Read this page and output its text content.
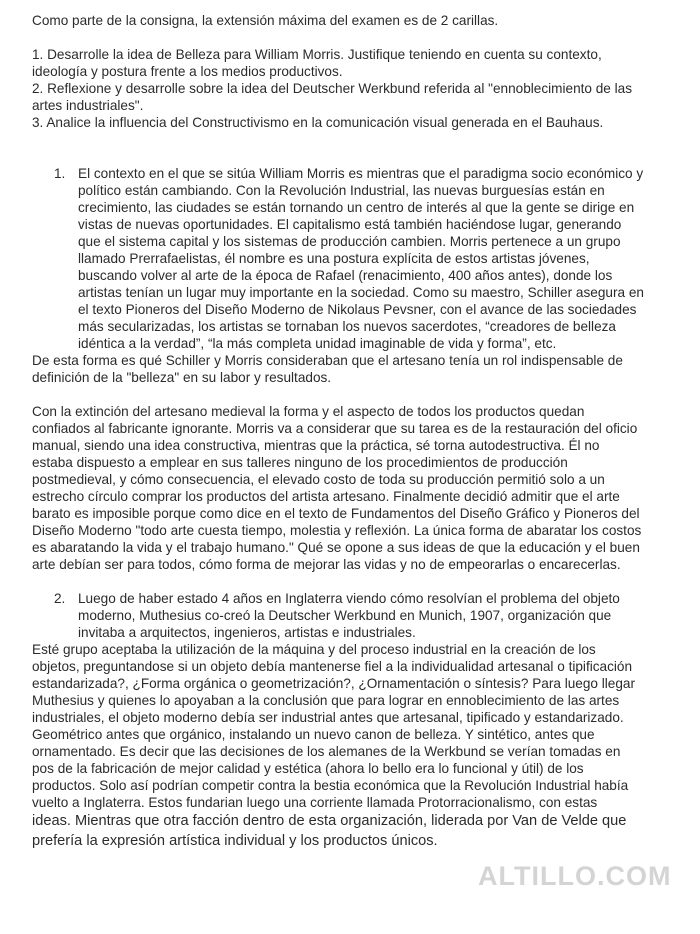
Como parte de la consigna, la extensión máxima del examen es de 2 carillas.

1. Desarrolle la idea de Belleza para William Morris. Justifique teniendo en cuenta su contexto, ideología y postura frente a los medios productivos.

2. Reflexione y desarrolle sobre la idea del Deutscher Werkbund referida al "ennoblecimiento de las artes industriales".

3. Analice la influencia del Constructivismo en la comunicación visual generada en el Bauhaus.

1. El contexto en el que se sitúa William Morris es mientras que el paradigma socio económico y político están cambiando. Con la Revolución Industrial, las nuevas burguesías están en crecimiento, las ciudades se están tornando un centro de interés al que la gente se dirige en vistas de nuevas oportunidades. El capitalismo está también haciéndose lugar, generando que el sistema capital y los sistemas de producción cambien. Morris pertenece a un grupo llamado Prerrafaelistas, él nombre es una postura explícita de estos artistas jóvenes, buscando volver al arte de la época de Rafael (renacimiento, 400 años antes), donde los artistas tenían un lugar muy importante en la sociedad. Como su maestro, Schiller asegura en el texto Pioneros del Diseño Moderno de Nikolaus Pevsner, con el avance de las sociedades más secularizadas, los artistas se tornaban los nuevos sacerdotes, “creadores de belleza idéntica a la verdad”, “la más completa unidad imaginable de vida y forma”, etc.

De esta forma es qué Schiller y Morris consideraban que el artesano tenía un rol indispensable de definición de la "belleza" en su labor y resultados.

Con la extinción del artesano medieval la forma y el aspecto de todos los productos quedan confiados al fabricante ignorante. Morris va a considerar que su tarea es de la restauración del oficio manual, siendo una idea constructiva, mientras que la práctica, sé torna autodestructiva. Él no estaba dispuesto a emplear en sus talleres ninguno de los procedimientos de producción postmedieval, y cómo consecuencia, el elevado costo de toda su producción permitió solo a un estrecho círculo comprar los productos del artista artesano. Finalmente decidió admitir que el arte barato es imposible porque como dice en el texto de Fundamentos del Diseño Gráfico y Pioneros del Diseño Moderno "todo arte cuesta tiempo, molestia y reflexión. La única forma de abaratar los costos es abaratando la vida y el trabajo humano." Qué se opone a sus ideas de que la educación y el buen arte debían ser para todos, cómo forma de mejorar las vidas y no de empeorarlas o encarecerlas.

2. Luego de haber estado 4 años en Inglaterra viendo cómo resolvían el problema del objeto moderno, Muthesius co-creó la Deutscher Werkbund en Munich, 1907, organización que invitaba a arquitectos, ingenieros, artistas e industriales.

Esté grupo aceptaba la utilización de la máquina y del proceso industrial en la creación de los objetos, preguntandose si un objeto debía mantenerse fiel a la individualidad artesanal o tipificación estandarizada?, ¿Forma orgánica o geometrización?, ¿Ornamentación o síntesis? Para luego llegar Muthesius y quienes lo apoyaban a la conclusión que para lograr en ennoblecimiento de las artes industriales, el objeto moderno debía ser industrial antes que artesanal, tipificado y estandarizado. Geométrico antes que orgánico, instalando un nuevo canon de belleza. Y sintético, antes que ornamentado. Es decir que las decisiones de los alemanes de la Werkbund se verían tomadas en pos de la fabricación de mejor calidad y estética (ahora lo bello era lo funcional y útil) de los productos. Solo así podrían competir contra la bestia económica que la Revolución Industrial había vuelto a Inglaterra. Estos fundarian luego una corriente llamada Protorracionalismo, con estas

ideas. Mientras que otra facción dentro de esta organización, liderada por Van de Velde que prefería la expresión artística individual y los productos únicos.

ALTILLO.COM
